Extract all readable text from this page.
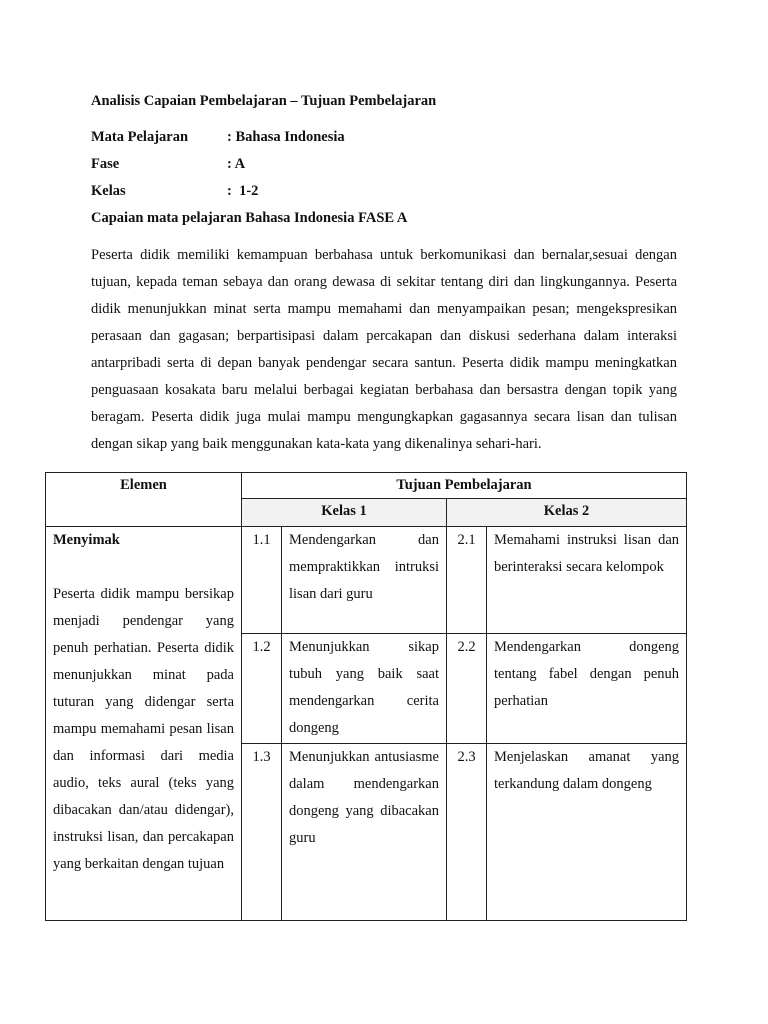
Analisis Capaian Pembelajaran – Tujuan Pembelajaran
Mata Pelajaran	: Bahasa Indonesia
Fase	: A
Kelas	:  1-2
Capaian mata pelajaran Bahasa Indonesia FASE A
Peserta didik memiliki kemampuan berbahasa untuk berkomunikasi dan bernalar,sesuai dengan tujuan, kepada teman sebaya dan orang dewasa di sekitar tentang diri dan lingkungannya. Peserta didik menunjukkan minat serta mampu memahami dan menyampaikan pesan; mengekspresikan perasaan dan gagasan; berpartisipasi dalam percakapan dan diskusi sederhana dalam interaksi antarpribadi serta di depan banyak pendengar secara santun. Peserta didik mampu meningkatkan penguasaan kosakata baru melalui berbagai kegiatan berbahasa dan bersastra dengan topik yang beragam. Peserta didik juga mulai mampu mengungkapkan gagasannya secara lisan dan tulisan dengan sikap yang baik menggunakan kata-kata yang dikenalinya sehari-hari.
Elemen	Tujuan Pembelajaran			
	Kelas 1		Kelas 2	

Menyimak
Peserta didik mampu bersikap menjadi pendengar yang penuh perhatian. Peserta didik menunjukkan minat pada tuturan yang didengar serta mampu memahami pesan lisan dan informasi dari media audio, teks aural (teks yang dibacakan dan/atau didengar), instruksi lisan, dan percakapan yang berkaitan dengan tujuan	1.1	Mendengarkan dan mempraktikkan intruksi lisan dari guru	2.1	Memahami instruksi lisan dan berinteraksi secara kelompok
	1.2	Menunjukkan sikap tubuh yang baik saat mendengarkan cerita dongeng	2.2	Mendengarkan dongeng tentang fabel dengan penuh perhatian
	1.3	Menunjukkan antusiasme dalam mendengarkan dongeng yang dibacakan guru	2.3	Menjelaskan amanat yang terkandung dalam dongeng
